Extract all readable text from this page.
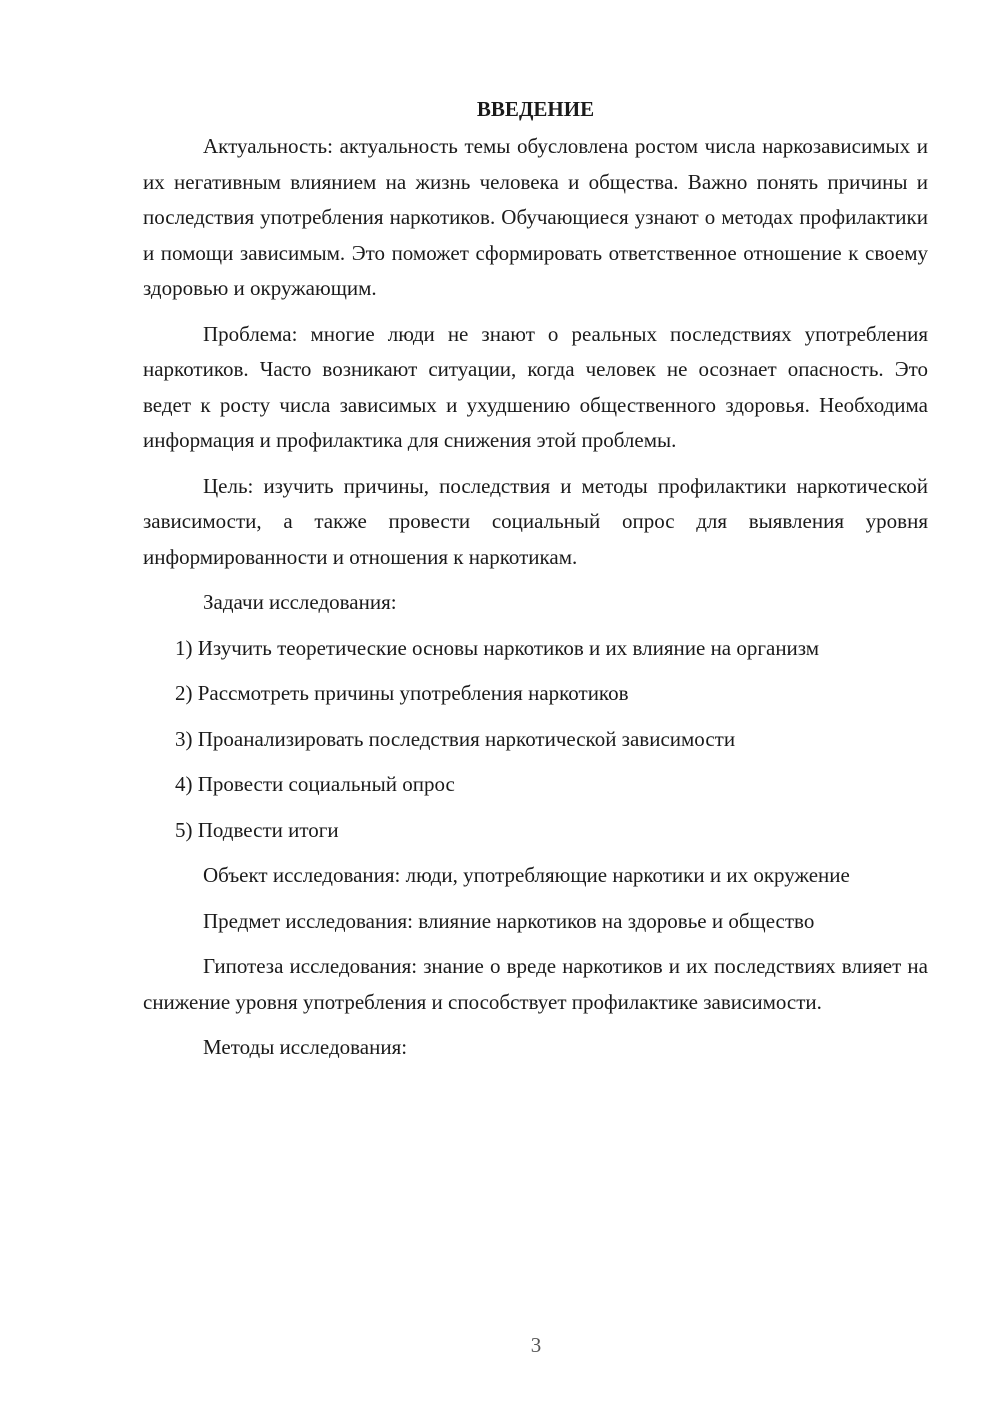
ВВЕДЕНИЕ

Актуальность: актуальность темы обусловлена ростом числа наркозависимых и их негативным влиянием на жизнь человека и общества. Важно понять причины и последствия употребления наркотиков. Обучающиеся узнают о методах профилактики и помощи зависимым. Это поможет сформировать ответственное отношение к своему здоровью и окружающим.

Проблема: многие люди не знают о реальных последствиях употребления наркотиков. Часто возникают ситуации, когда человек не осознает опасность. Это ведет к росту числа зависимых и ухудшению общественного здоровья. Необходима информация и профилактика для снижения этой проблемы.

Цель: изучить причины, последствия и методы профилактики наркотической зависимости, а также провести социальный опрос для выявления уровня информированности и отношения к наркотикам.

Задачи исследования:

1) Изучить теоретические основы наркотиков и их влияние на организм

2) Рассмотреть причины употребления наркотиков

3) Проанализировать последствия наркотической зависимости

4) Провести социальный опрос

5) Подвести итоги

Объект исследования: люди, употребляющие наркотики и их окружение

Предмет исследования: влияние наркотиков на здоровье и общество

Гипотеза исследования: знание о вреде наркотиков и их последствиях влияет на снижение уровня употребления и способствует профилактике зависимости.

Методы исследования:

3
